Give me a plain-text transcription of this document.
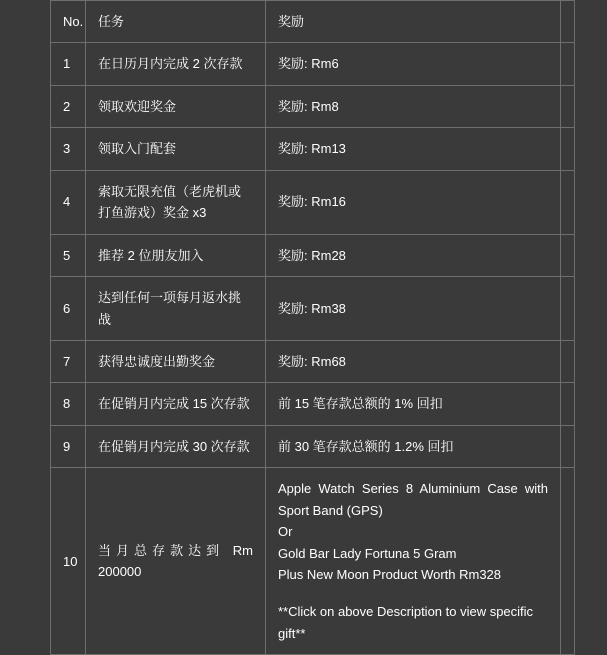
No.	任务	奖励	
1	在日历月内完成 2 次存款	奖励: Rm6	
2	领取欢迎奖金	奖励: Rm8	
3	领取入门配套	奖励: Rm13	
4	索取无限充值（老虎机或打鱼游戏）奖金 x3	奖励: Rm16	
5	推荐 2 位朋友加入	奖励: Rm28	
6	达到任何一项每月返水挑战	奖励: Rm38	
7	获得忠诚度出勤奖金	奖励: Rm68	
8	在促销月内完成 15 次存款	前 15 笔存款总额的 1% 回扣	
9	在促销月内完成 30 次存款	前 30 笔存款总额的 1.2% 回扣	
10	当月总存款达到 Rm 200000	Apple Watch Series 8 Aluminium Case with Sport Band (GPS)
Or
Gold Bar Lady Fortuna 5 Gram
Plus New Moon Product Worth Rm328
**Click on above Description to view specific gift**	
